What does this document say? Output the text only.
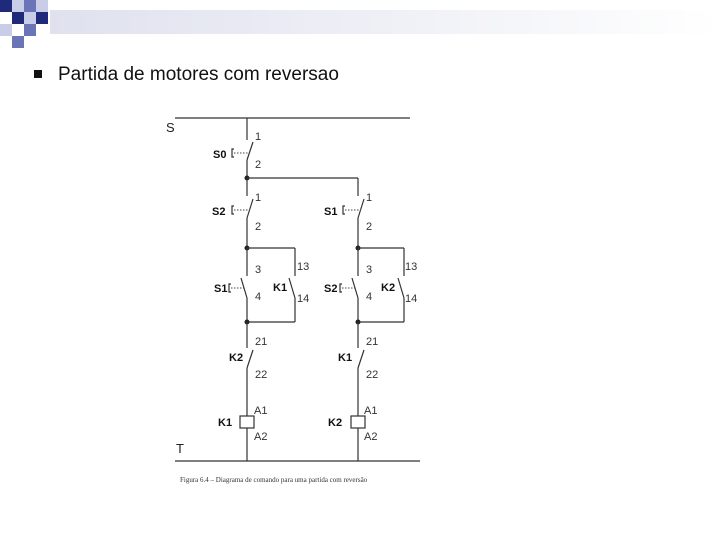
Partida de motores com reversao
S
T
1
2
S0
1
2
S2
3
4
S1
13
14
K1
21
22
K2
A1
A2
K1
1
2
S1
3
4
S2
13
14
K2
21
22
K1
A1
A2
K2
Figura 6.4 – Diagrama de comando para uma partida com reversão
